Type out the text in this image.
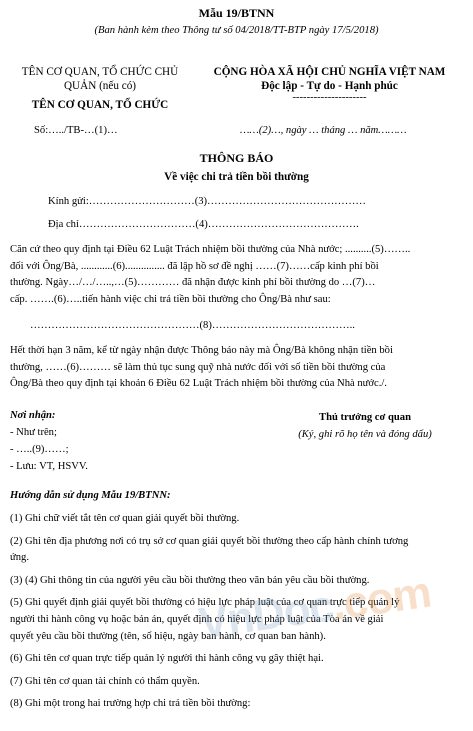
Mẫu 19/BTNN
(Ban hành kèm theo Thông tư số 04/2018/TT-BTP ngày 17/5/2018)
TÊN CƠ QUAN, TỔ CHỨC CHỦ
QUẢN (nếu có)
TÊN CƠ QUAN, TỔ CHỨC
CỘNG HÒA XÃ HỘI CHỦ NGHĨA VIỆT NAM
Độc lập - Tự do - Hạnh phúc
---------------------
Số:…../TB-…(1)…	……(2)…, ngày … tháng … năm………
THÔNG BÁO
Về việc chi trả tiền bồi thường
Kính gửi:…………………………(3)………………………………………
Địa chỉ……………………………(4)…………………………………….
Căn cứ theo quy định tại Điều 62 Luật Trách nhiệm bồi thường của Nhà nước; ..........(5)……..
đối với Ông/Bà, ............(6)............... đã lập hồ sơ đề nghị ……(7)……cấp kinh phí bồi
thường. Ngày…/…/…..,…(5)………… đã nhận được kinh phí bồi thường do …(7)…
cấp. …….(6)…..tiến hành việc chi trả tiền bồi thường cho Ông/Bà như sau:
…………………………………………(8)…………………………………..
Hết thời hạn 3 năm, kể từ ngày nhận được Thông báo này mà Ông/Bà không nhận tiền bồi
thường, ……(6)……… sẽ làm thủ tục sung quỹ nhà nước đối với số tiền bồi thường của
Ông/Bà theo quy định tại khoản 6 Điều 62 Luật Trách nhiệm bồi thường của Nhà nước./.
Nơi nhận:
- Như trên;
- …..(9)……;
- Lưu: VT, HSVV.
Thủ trưởng cơ quan
(Ký, ghi rõ họ tên và đóng dấu)
Hướng dẫn sử dụng Mẫu 19/BTNN:
(1) Ghi chữ viết tắt tên cơ quan giải quyết bồi thường.
(2) Ghi tên địa phương nơi có trụ sở cơ quan giải quyết bồi thường theo cấp hành chính tương
ứng.
(3) (4) Ghi thông tin của người yêu cầu bồi thường theo văn bản yêu cầu bồi thường.
(5) Ghi quyết định giải quyết bồi thường có hiệu lực pháp luật của cơ quan trực tiếp quản lý
người thi hành công vụ hoặc bản án, quyết định có hiệu lực pháp luật của Tòa án về giải
quyết yêu cầu bồi thường (tên, số hiệu, ngày ban hành, cơ quan ban hành).
(6) Ghi tên cơ quan trực tiếp quản lý người thi hành công vụ gây thiệt hại.
(7) Ghi tên cơ quan tài chính có thẩm quyền.
(8) Ghi một trong hai trường hợp chi trả tiền bồi thường:
VnDoc.com
